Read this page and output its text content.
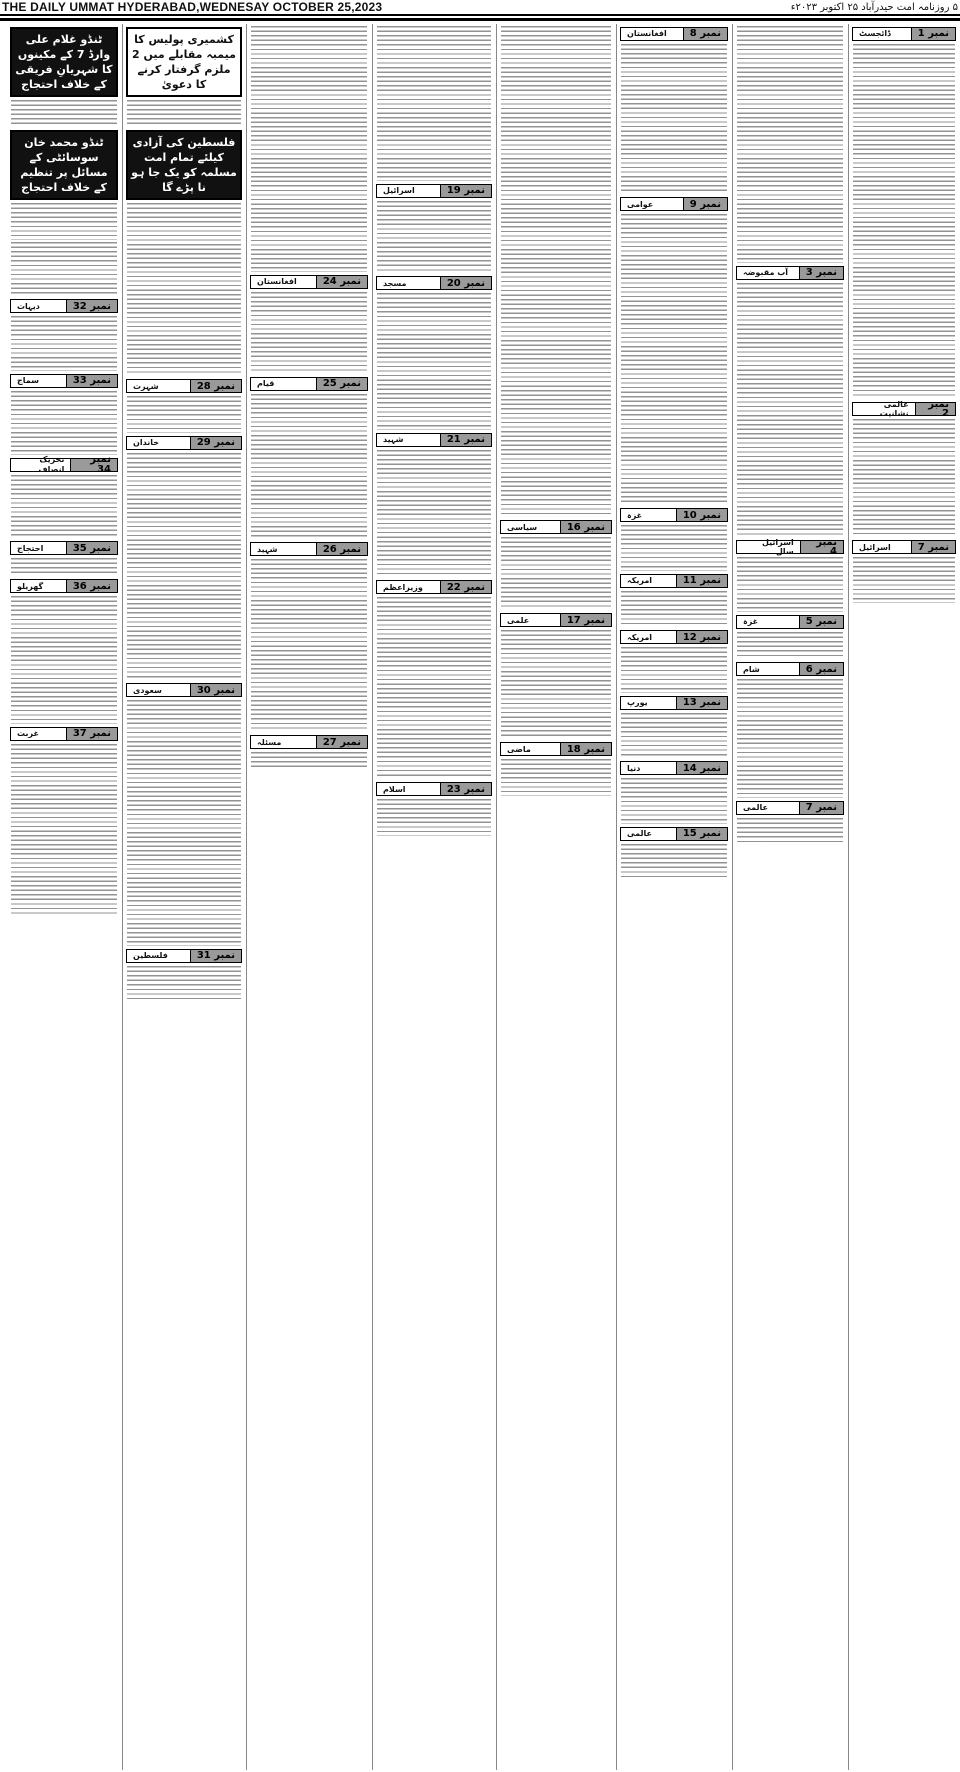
THE DAILY UMMAT HYDERABAD,WEDNESAY OCTOBER 25,2023	۵ روزنامہ امت حیدرآباد ۲۵ اکتوبر ۲۰۲۳ء
نمبر 1
ڈائجسٹ
نمبر 2
عالمی نشانیت
نمبر 7
اسرائیل
نمبر 3
آب مقبوضہ
نمبر 4
اسرائیل سال
نمبر 5
غزہ
نمبر 6
شام
نمبر 7
عالمی
نمبر 8
افغانستان
نمبر 9
عوامی
نمبر 10
غزہ
نمبر 11
امریکہ
نمبر 12
امریکہ
نمبر 13
یورپ
نمبر 14
دنیا
نمبر 15
عالمی
نمبر 16
سیاسی
نمبر 17
علمی
نمبر 18
ماضی
نمبر 19
اسرائیل
نمبر 20
مسجد
نمبر 21
شہید
نمبر 22
وزیراعظم
نمبر 23
اسلام
نمبر 24
افغانستان
نمبر 25
قیام
نمبر 26
شہید
نمبر 27
مسئلہ
کشمیری پولیس کا میمبہ مقابلے میں 2 ملزم گرفتار کرنے کا دعویٰ
فلسطین کی آزادی کیلئے تمام امت مسلمہ کو یک جا ہو نا پڑے گا
نمبر 28
شہرت
نمبر 29
خاندان
نمبر 30
سعودی
نمبر 31
فلسطین
ٹنڈو غلام علی وارڈ 7 کے مکینوں کا شہریانِ فریقی کے خلاف احتجاج
ٹنڈو محمد خان سوسائٹی کے مسائل پر تنظیم کے خلاف احتجاج
نمبر 32
دیہات
نمبر 33
سماج
نمبر 34
تحریک انصاف
نمبر 35
احتجاج
نمبر 36
گھریلو
نمبر 37
غربت
